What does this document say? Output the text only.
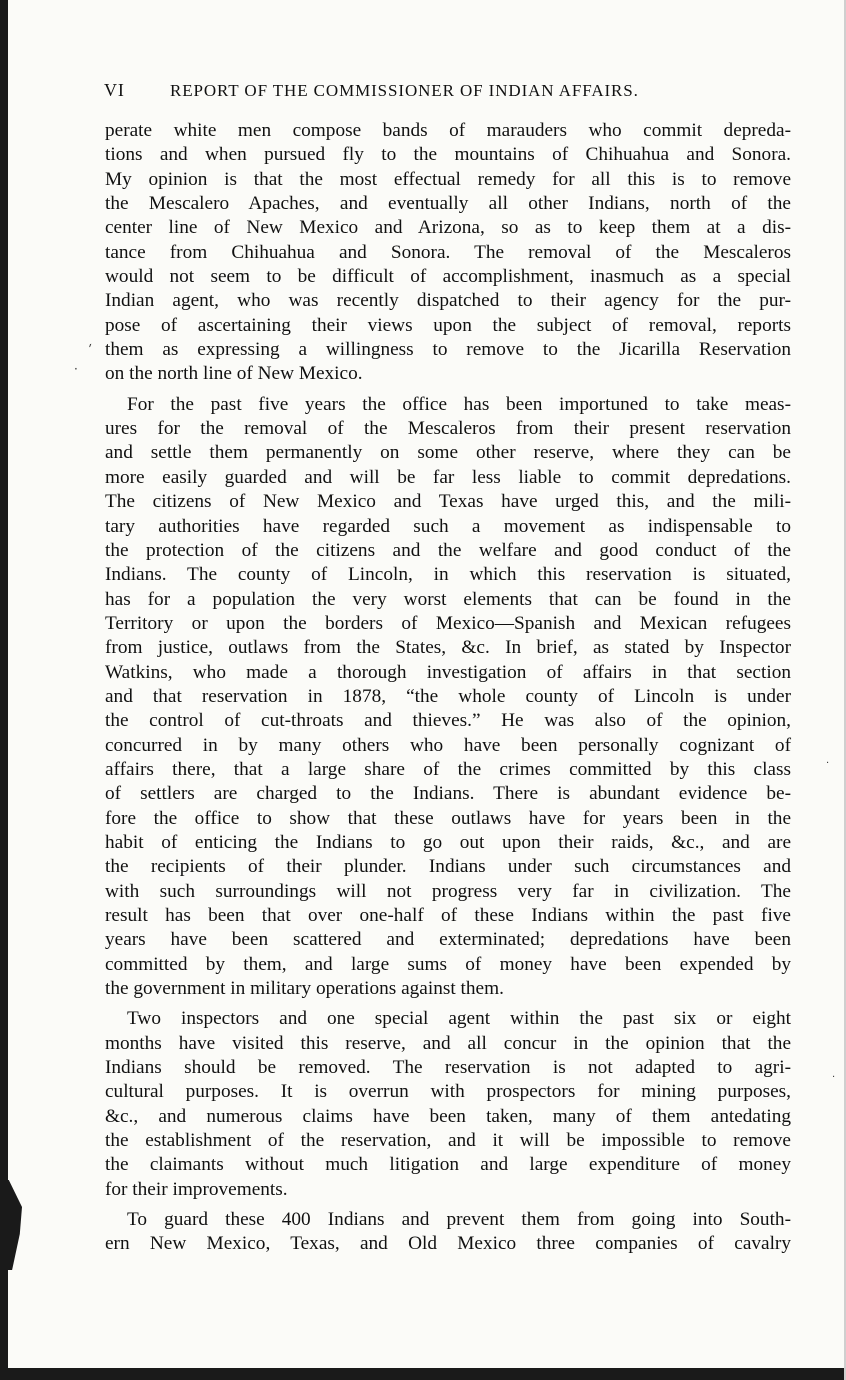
VI	REPORT OF THE COMMISSIONER OF INDIAN AFFAIRS.
perate white men compose bands of marauders who commit depreda-
tions and when pursued fly to the mountains of Chihuahua and Sonora.
My opinion is that the most effectual remedy for all this is to remove
the Mescalero Apaches, and eventually all other Indians, north of the
center line of New Mexico and Arizona, so as to keep them at a dis-
tance from Chihuahua and Sonora. The removal of the Mescaleros
would not seem to be difficult of accomplishment, inasmuch as a special
Indian agent, who was recently dispatched to their agency for the pur-
pose of ascertaining their views upon the subject of removal, reports
them as expressing a willingness to remove to the Jicarilla Reservation
on the north line of New Mexico.
For the past five years the office has been importuned to take meas-
ures for the removal of the Mescaleros from their present reservation
and settle them permanently on some other reserve, where they can be
more easily guarded and will be far less liable to commit depredations.
The citizens of New Mexico and Texas have urged this, and the mili-
tary authorities have regarded such a movement as indispensable to
the protection of the citizens and the welfare and good conduct of the
Indians. The county of Lincoln, in which this reservation is situated,
has for a population the very worst elements that can be found in the
Territory or upon the borders of Mexico—Spanish and Mexican refugees
from justice, outlaws from the States, &c. In brief, as stated by Inspector
Watkins, who made a thorough investigation of affairs in that section
and that reservation in 1878, “the whole county of Lincoln is under
the control of cut-throats and thieves.” He was also of the opinion,
concurred in by many others who have been personally cognizant of
affairs there, that a large share of the crimes committed by this class
of settlers are charged to the Indians. There is abundant evidence be-
fore the office to show that these outlaws have for years been in the
habit of enticing the Indians to go out upon their raids, &c., and are
the recipients of their plunder. Indians under such circumstances and
with such surroundings will not progress very far in civilization. The
result has been that over one-half of these Indians within the past five
years have been scattered and exterminated; depredations have been
committed by them, and large sums of money have been expended by
the government in military operations against them.
Two inspectors and one special agent within the past six or eight
months have visited this reserve, and all concur in the opinion that the
Indians should be removed. The reservation is not adapted to agri-
cultural purposes. It is overrun with prospectors for mining purposes,
&c., and numerous claims have been taken, many of them antedating
the establishment of the reservation, and it will be impossible to remove
the claimants without much litigation and large expenditure of money
for their improvements.
To guard these 400 Indians and prevent them from going into South-
ern New Mexico, Texas, and Old Mexico three companies of cavalry
ˏ
·
·
·
